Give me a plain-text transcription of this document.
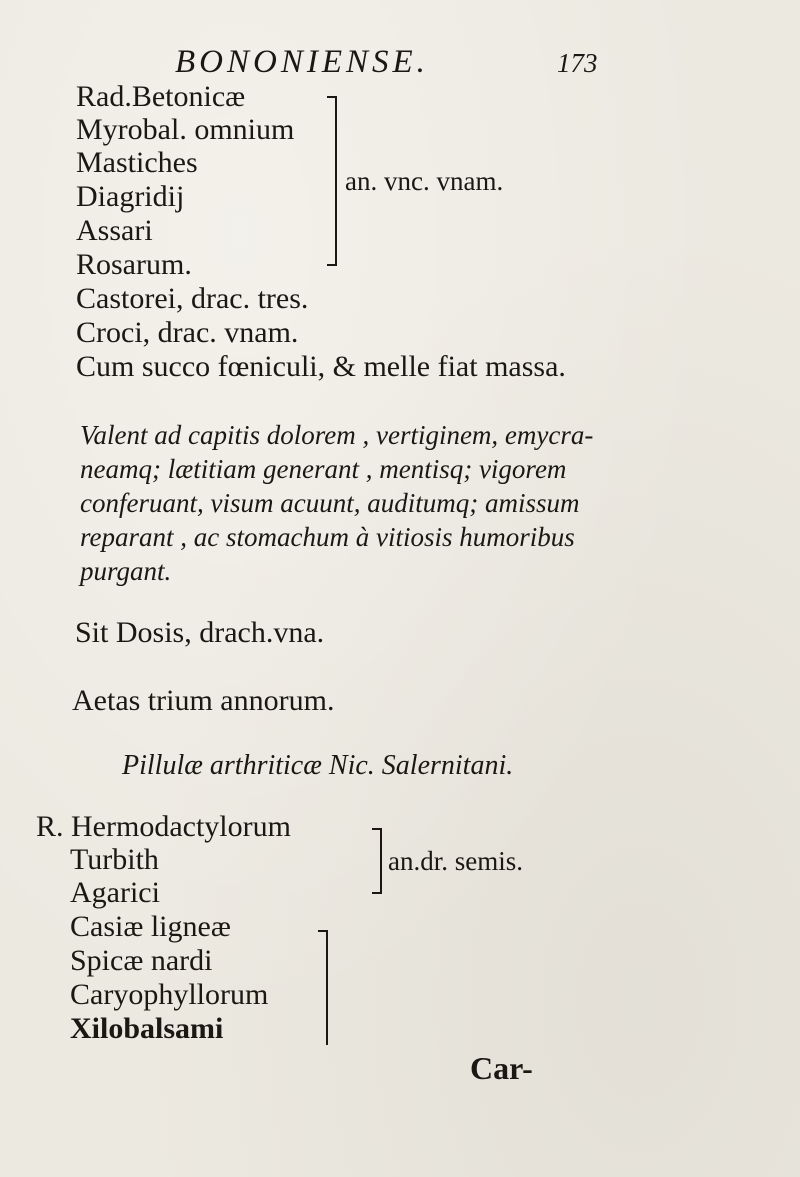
BONONIENSE.	173
Rad.Betonicæ
Myrobal. omnium
Mastiches
Diagridij
Assari
Rosarum.
an. vnc. vnam.
Castorei, drac. tres.
Croci, drac. vnam.
Cum succo fœniculi, & melle fiat massa.
Valent ad capitis dolorem , vertiginem, emycra-
neamq; lætitiam generant , mentisq; vigorem
conferuant, visum acuunt, auditumq; amissum
reparant , ac stomachum à vitiosis humoribus
purgant.
Sit Dosis, drach.vna.
Aetas trium annorum.
Pillulæ arthriticæ Nic. Salernitani.
R. Hermodactylorum
Turbith
Agarici
Casiæ ligneæ
Spicæ nardi
Caryophyllorum
Xilobalsami
an.dr. semis.
Car-
